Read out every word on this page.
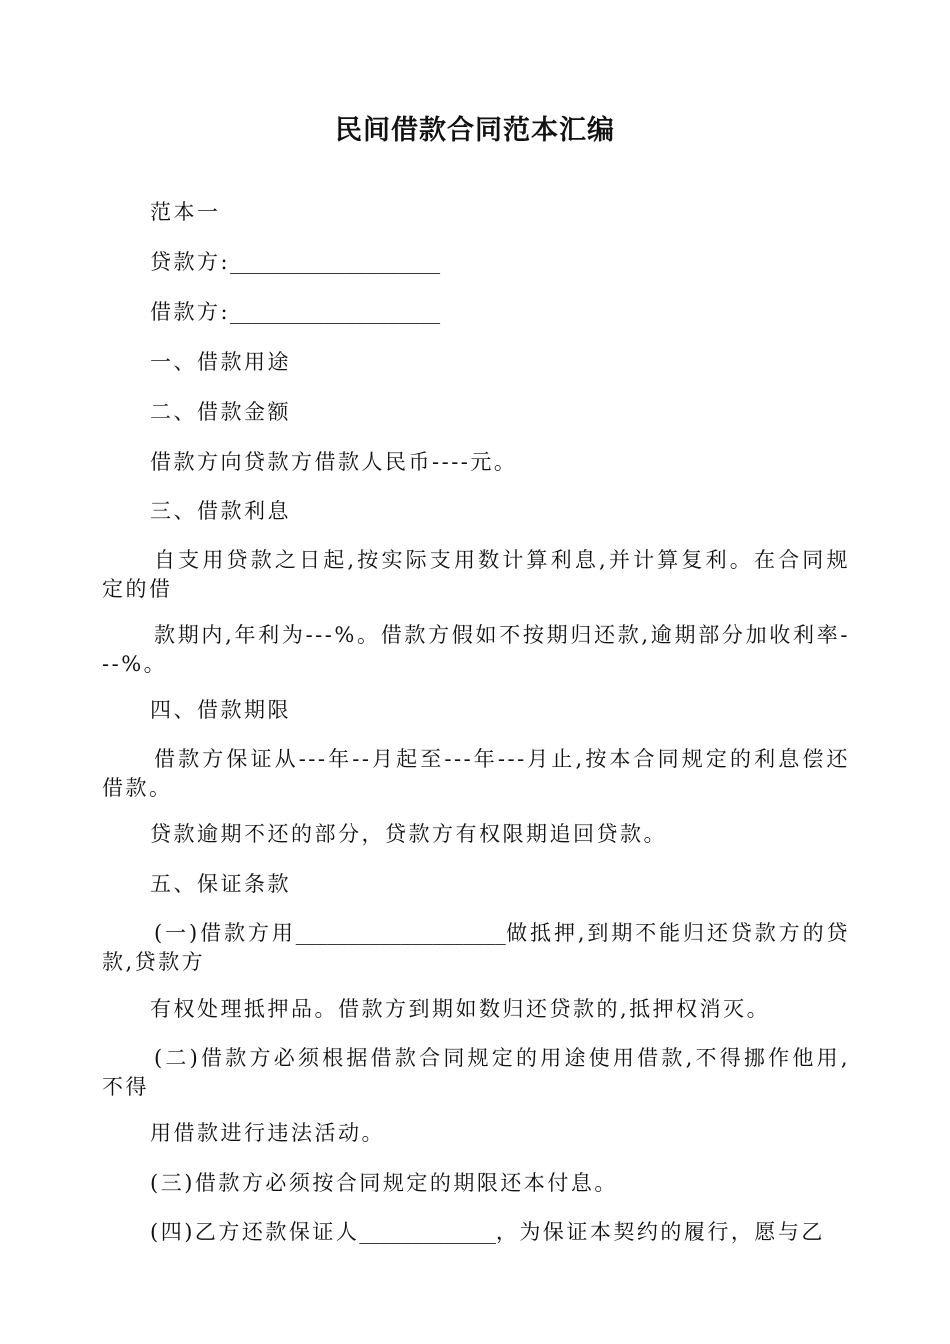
民间借款合同范本汇编
范本一
贷款方:____________________
借款方:____________________
一、借款用途
二、借款金额
借款方向贷款方借款人民币----元。
三、借款利息
自支用贷款之日起,按实际支用数计算利息,并计算复利。在合同规定的借
款期内,年利为---%。借款方假如不按期归还款,逾期部分加收利率---%。
四、借款期限
借款方保证从---年--月起至---年---月止,按本合同规定的利息偿还借款。
贷款逾期不还的部分，贷款方有权限期追回贷款。
五、保证条款
(一)借款方用____________________做抵押,到期不能归还贷款方的贷款,贷款方
有权处理抵押品。借款方到期如数归还贷款的,抵押权消灭。
(二)借款方必须根据借款合同规定的用途使用借款,不得挪作他用,不得
用借款进行违法活动。
(三)借款方必须按合同规定的期限还本付息。
(四)乙方还款保证人_____________，为保证本契约的履行，愿与乙
